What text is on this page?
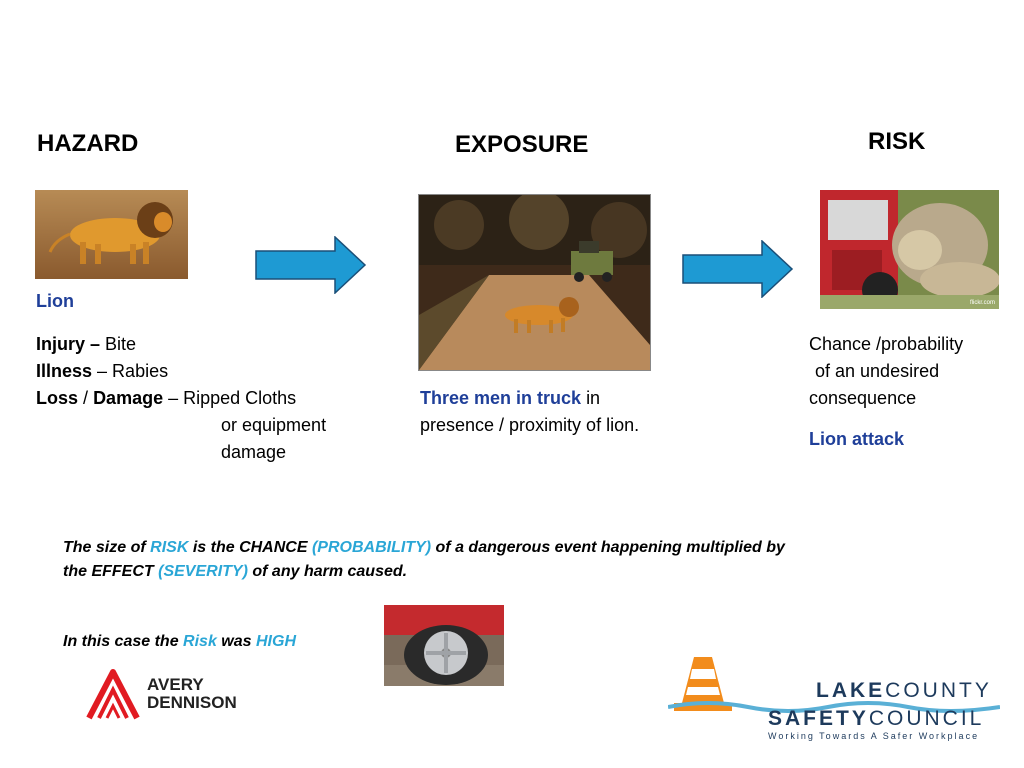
HAZARD	EXPOSURE	RISK
flickr.com
Lion
Injury – Bite
Illness – Rabies
Loss / Damage – Ripped Cloths
or equipment
damage
Three men in truck in
presence / proximity of lion.
Chance /probability
of an undesired
consequence
Lion attack
The size of RISK is the CHANCE (PROBABILITY) of a dangerous event happening multiplied by
the EFFECT (SEVERITY) of any harm caused.
In this case the Risk was HIGH
AVERY
DENNISON
LAKECOUNTY
SAFETYCOUNCIL
Working Towards A Safer Workplace
